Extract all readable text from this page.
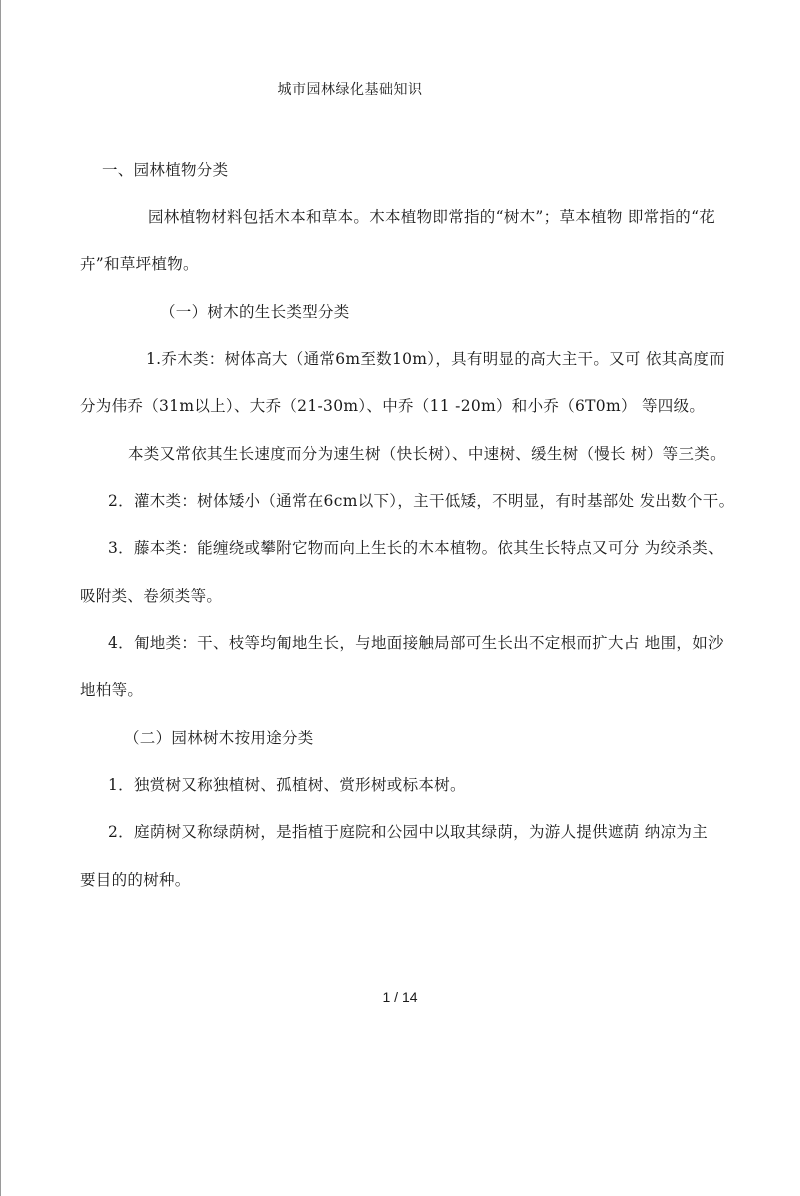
城市园林绿化基础知识
一、园林植物分类
园林植物材料包括木本和草本。木本植物即常指的“树木”；草本植物 即常指的“花
卉”和草坪植物。
（一）树木的生长类型分类
1.乔木类：树体高大（通常6m至数10m），具有明显的高大主干。又可 依其高度而
分为伟乔（31m以上）、大乔（21-30m）、中乔（11 -20m）和小乔（6T0m） 等四级。
本类又常依其生长速度而分为速生树（快长树）、中速树、缓生树（慢长 树）等三类。
2．灌木类：树体矮小（通常在6cm以下），主干低矮，不明显，有时基部处 发出数个干。
3．藤本类：能缠绕或攀附它物而向上生长的木本植物。依其生长特点又可分 为绞杀类、
吸附类、卷须类等。
4．匍地类：干、枝等均匍地生长，与地面接触局部可生长出不定根而扩大占 地围，如沙
地柏等。
（二）园林树木按用途分类
1．独赏树又称独植树、孤植树、赏形树或标本树。
2．庭荫树又称绿荫树，是指植于庭院和公园中以取其绿荫，为游人提供遮荫 纳凉为主
要目的的树种。
1 / 14
